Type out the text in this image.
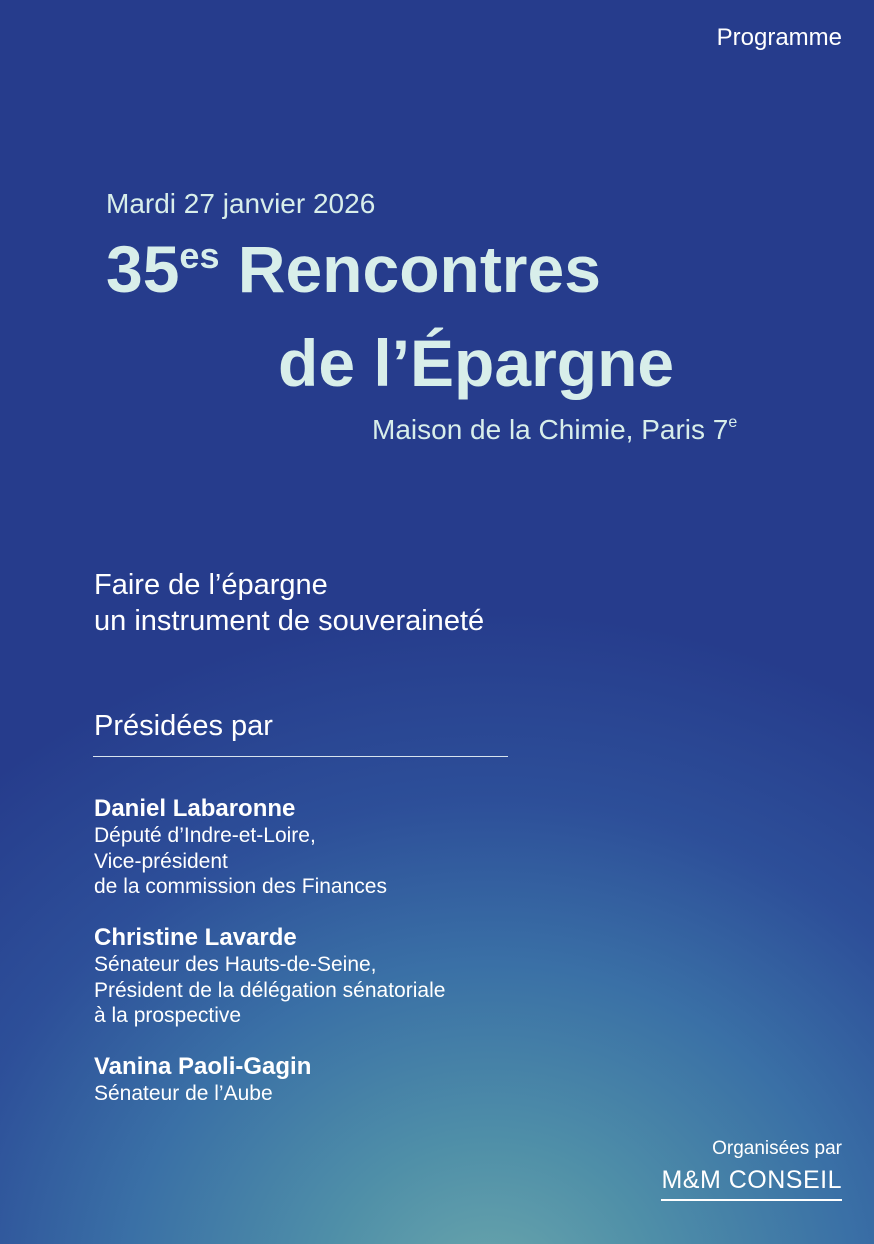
Programme
Mardi 27 janvier 2026
$35^{es}$ Rencontres
de l’Épargne
Maison de la Chimie, Paris 7e
Faire de l’épargne
un instrument de souveraineté
Présidées par
Daniel Labaronne
Député d’Indre-et-Loire,
Vice-président
de la commission des Finances
Christine Lavarde
Sénateur des Hauts-de-Seine,
Président de la délégation sénatoriale
à la prospective
Vanina Paoli-Gagin
Sénateur de l’Aube
Organisées par
M&M CONSEIL
